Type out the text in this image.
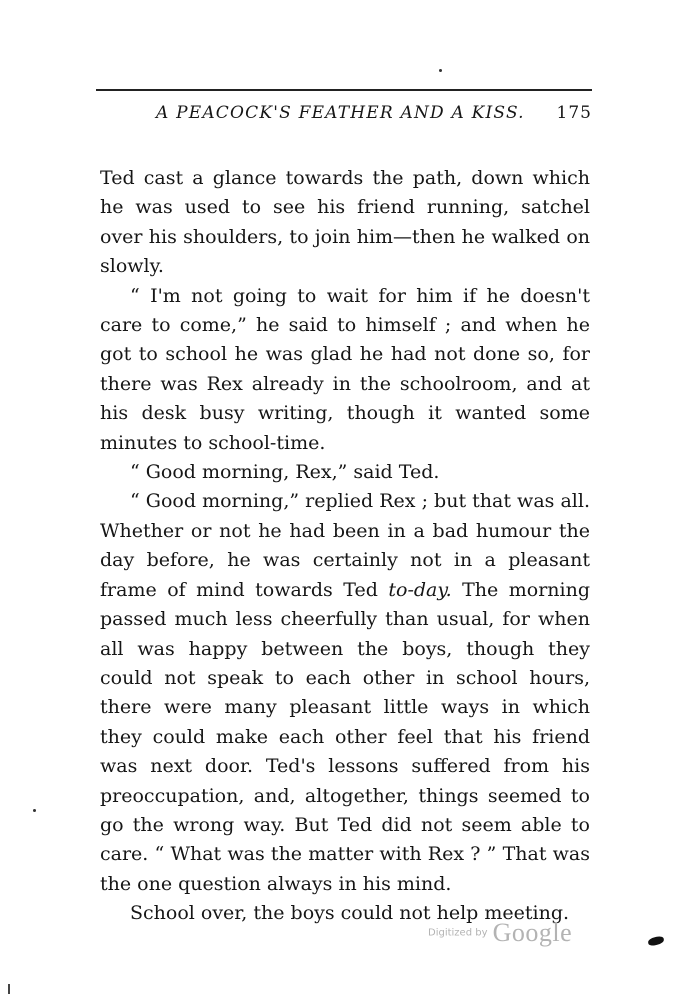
A PEACOCK'S FEATHER AND A KISS. 175

Ted cast a glance towards the path, down which he was used to see his friend running, satchel over his shoulders, to join him—then he walked on slowly.

“ I'm not going to wait for him if he doesn't care to come,” he said to himself ; and when he got to school he was glad he had not done so, for there was Rex already in the schoolroom, and at his desk busy writing, though it wanted some minutes to school-time.

“ Good morning, Rex,” said Ted.

“ Good morning,” replied Rex ; but that was all. Whether or not he had been in a bad humour the day before, he was certainly not in a pleasant frame of mind towards Ted to-day. The morning passed much less cheerfully than usual, for when all was happy between the boys, though they could not speak to each other in school hours, there were many pleasant little ways in which they could make each other feel that his friend was next door. Ted's lessons suffered from his preoccupation, and, altogether, things seemed to go the wrong way. But Ted did not seem able to care. “ What was the matter with Rex ? ” That was the one question always in his mind.

School over, the boys could not help meeting.

Digitized by Google
